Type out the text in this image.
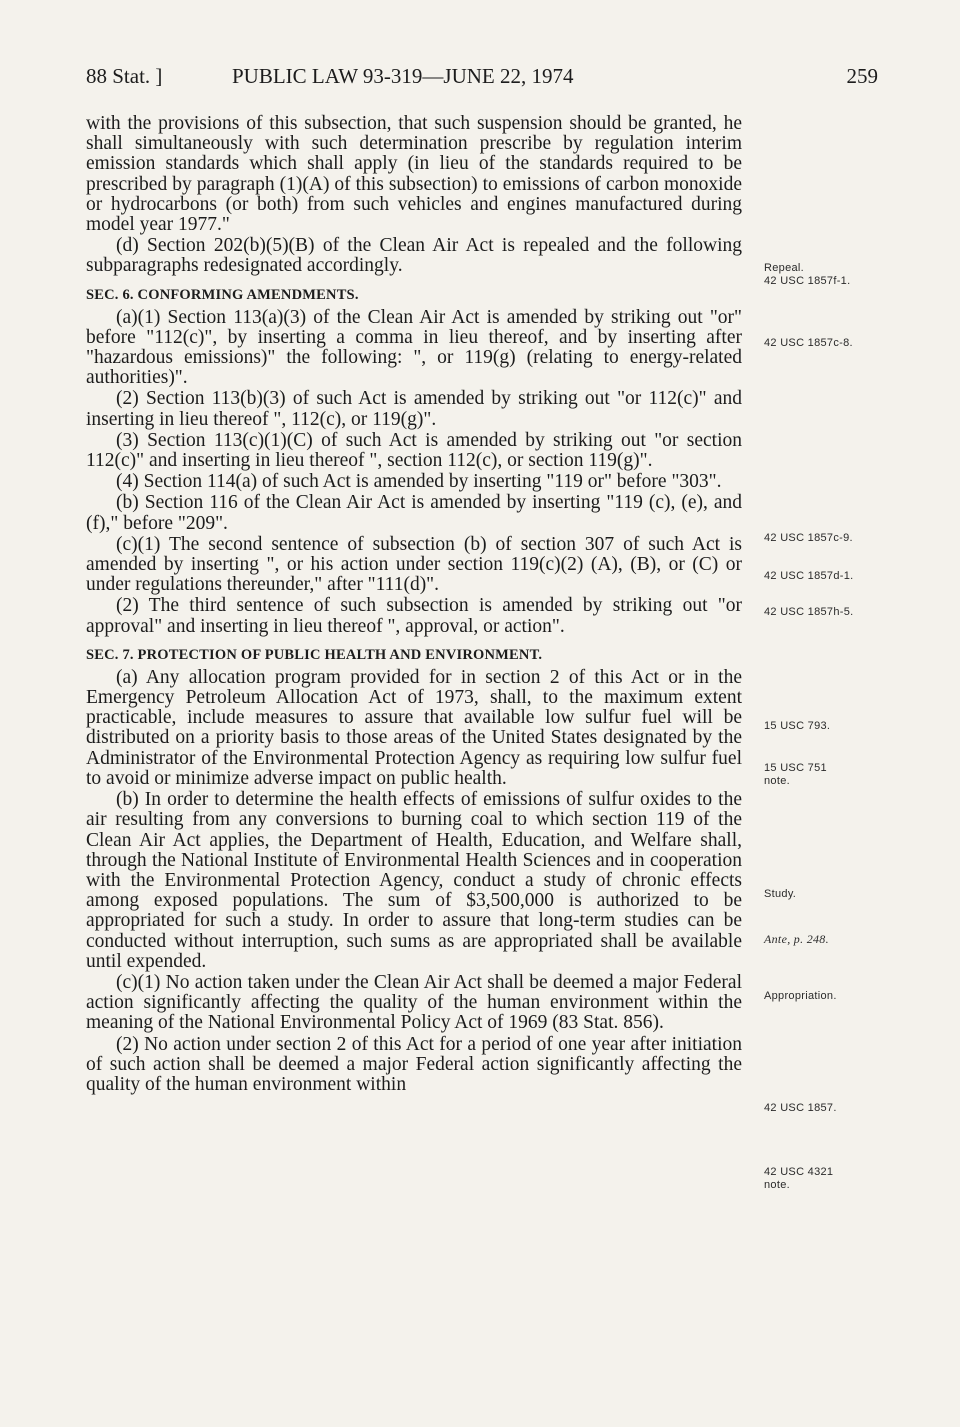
88 Stat. ]	PUBLIC LAW 93-319—JUNE 22, 1974	259

with the provisions of this subsection, that such suspension should be granted, he shall simultaneously with such determination prescribe by regulation interim emission standards which shall apply (in lieu of the standards required to be prescribed by paragraph (1)(A) of this subsection) to emissions of carbon monoxide or hydrocarbons (or both) from such vehicles and engines manufactured during model year 1977."

(d) Section 202(b)(5)(B) of the Clean Air Act is repealed and the following subparagraphs redesignated accordingly.

SEC. 6. CONFORMING AMENDMENTS.

(a)(1) Section 113(a)(3) of the Clean Air Act is amended by striking out "or" before "112(c)", by inserting a comma in lieu thereof, and by inserting after "hazardous emissions)" the following: ", or 119(g) (relating to energy-related authorities)".

(2) Section 113(b)(3) of such Act is amended by striking out "or 112(c)" and inserting in lieu thereof ", 112(c), or 119(g)".

(3) Section 113(c)(1)(C) of such Act is amended by striking out "or section 112(c)" and inserting in lieu thereof ", section 112(c), or section 119(g)".

(4) Section 114(a) of such Act is amended by inserting "119 or" before "303".

(b) Section 116 of the Clean Air Act is amended by inserting "119 (c), (e), and (f)," before "209".

(c)(1) The second sentence of subsection (b) of section 307 of such Act is amended by inserting ", or his action under section 119(c)(2) (A), (B), or (C) or under regulations thereunder," after "111(d)".

(2) The third sentence of such subsection is amended by striking out "or approval" and inserting in lieu thereof ", approval, or action".

SEC. 7. PROTECTION OF PUBLIC HEALTH AND ENVIRONMENT.

(a) Any allocation program provided for in section 2 of this Act or in the Emergency Petroleum Allocation Act of 1973, shall, to the maximum extent practicable, include measures to assure that available low sulfur fuel will be distributed on a priority basis to those areas of the United States designated by the Administrator of the Environmental Protection Agency as requiring low sulfur fuel to avoid or minimize adverse impact on public health.

(b) In order to determine the health effects of emissions of sulfur oxides to the air resulting from any conversions to burning coal to which section 119 of the Clean Air Act applies, the Department of Health, Education, and Welfare shall, through the National Institute of Environmental Health Sciences and in cooperation with the Environmental Protection Agency, conduct a study of chronic effects among exposed populations. The sum of $3,500,000 is authorized to be appropriated for such a study. In order to assure that long-term studies can be conducted without interruption, such sums as are appropriated shall be available until expended.

(c)(1) No action taken under the Clean Air Act shall be deemed a major Federal action significantly affecting the quality of the human environment within the meaning of the National Environmental Policy Act of 1969 (83 Stat. 856).

(2) No action under section 2 of this Act for a period of one year after initiation of such action shall be deemed a major Federal action significantly affecting the quality of the human environment within

Repeal.
42 USC 1857f-1.
42 USC 1857c-8.
42 USC 1857c-9.
42 USC 1857d-1.
42 USC 1857h-5.
15 USC 793.
15 USC 751
note.
Study.
Ante, p. 248.
Appropriation.
42 USC 1857.
42 USC 4321
note.
